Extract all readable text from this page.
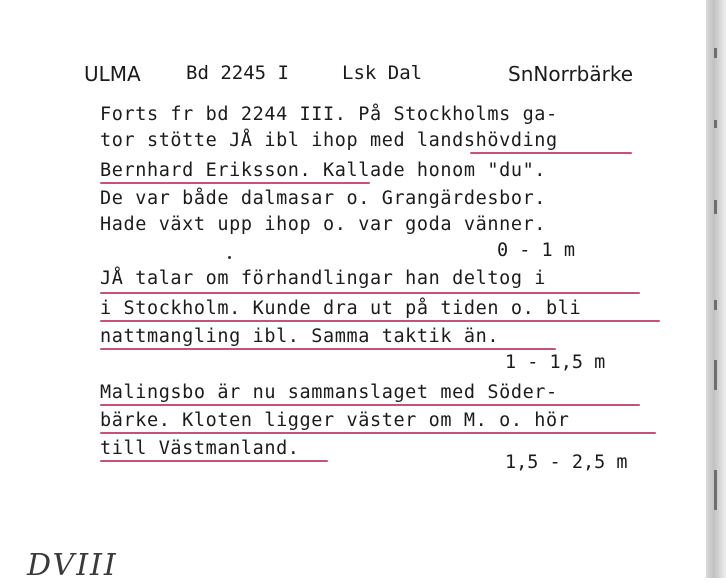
ULMA Bd 2245 I	Lsk Dal	SnNorrbärke
Forts fr bd 2244 III. På Stockholms ga-
tor stötte JÅ ibl ihop med landshövding
Bernhard Eriksson. Kallade honom "du".
De var både dalmasar o. Grangärdesbor.
Hade växt upp ihop o. var goda vänner.
0 - 1 m
JÅ talar om förhandlingar han deltog i
i Stockholm. Kunde dra ut på tiden o. bli
nattmangling ibl. Samma taktik än.
1 - 1,5 m
Malingsbo är nu sammanslaget med Söder-
bärke. Kloten ligger väster om M. o. hör
till Västmanland.
1,5 - 2,5 m
DVIII
